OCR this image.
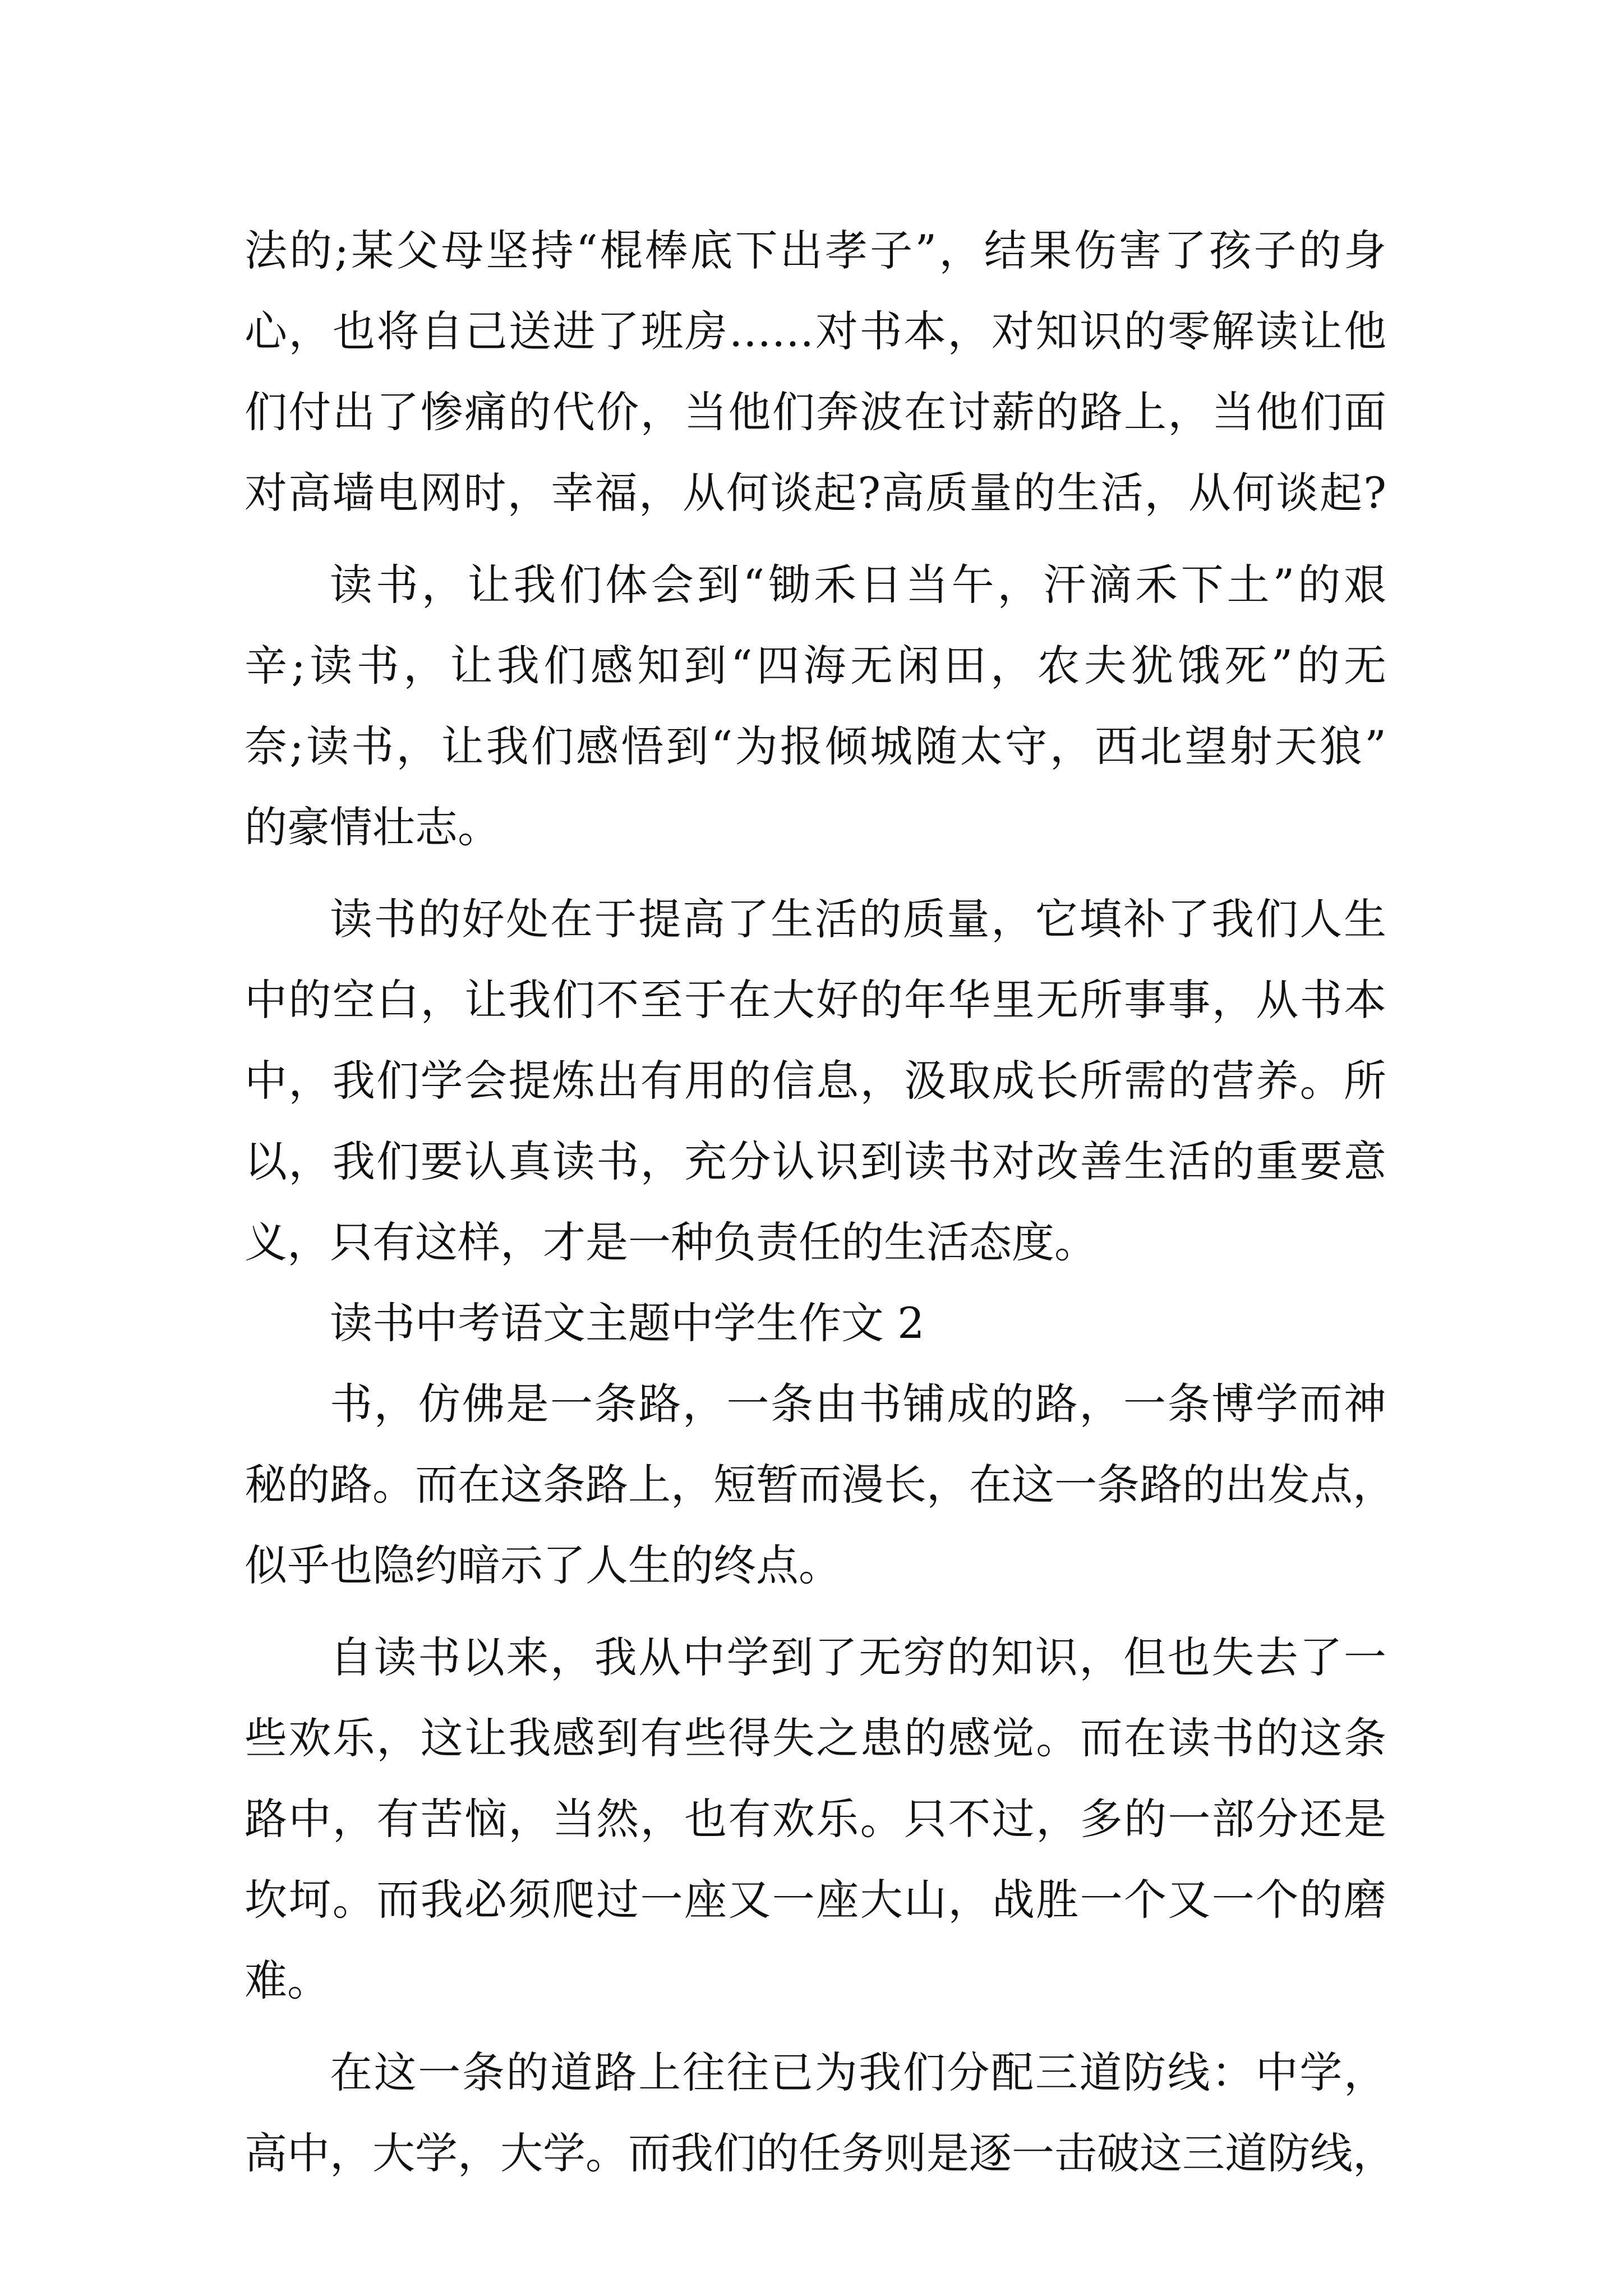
法的;某父母坚持“棍棒底下出孝子”，结果伤害了孩子的身
心，也将自己送进了班房……对书本，对知识的零解读让他
们付出了惨痛的代价，当他们奔波在讨薪的路上，当他们面
对高墙电网时，幸福，从何谈起?高质量的生活，从何谈起?
读书，让我们体会到“锄禾日当午，汗滴禾下土”的艰
辛;读书，让我们感知到“四海无闲田，农夫犹饿死”的无
奈;读书，让我们感悟到“为报倾城随太守，西北望射天狼”
的豪情壮志。
读书的好处在于提高了生活的质量，它填补了我们人生
中的空白，让我们不至于在大好的年华里无所事事，从书本
中，我们学会提炼出有用的信息，汲取成长所需的营养。所
以，我们要认真读书，充分认识到读书对改善生活的重要意
义，只有这样，才是一种负责任的生活态度。
读书中考语文主题中学生作文 2
书，仿佛是一条路，一条由书铺成的路，一条博学而神
秘的路。而在这条路上，短暂而漫长，在这一条路的出发点，
似乎也隐约暗示了人生的终点。
自读书以来，我从中学到了无穷的知识，但也失去了一
些欢乐，这让我感到有些得失之患的感觉。而在读书的这条
路中，有苦恼，当然，也有欢乐。只不过，多的一部分还是
坎坷。而我必须爬过一座又一座大山，战胜一个又一个的磨
难。
在这一条的道路上往往已为我们分配三道防线：中学，
高中，大学，大学。而我们的任务则是逐一击破这三道防线，
